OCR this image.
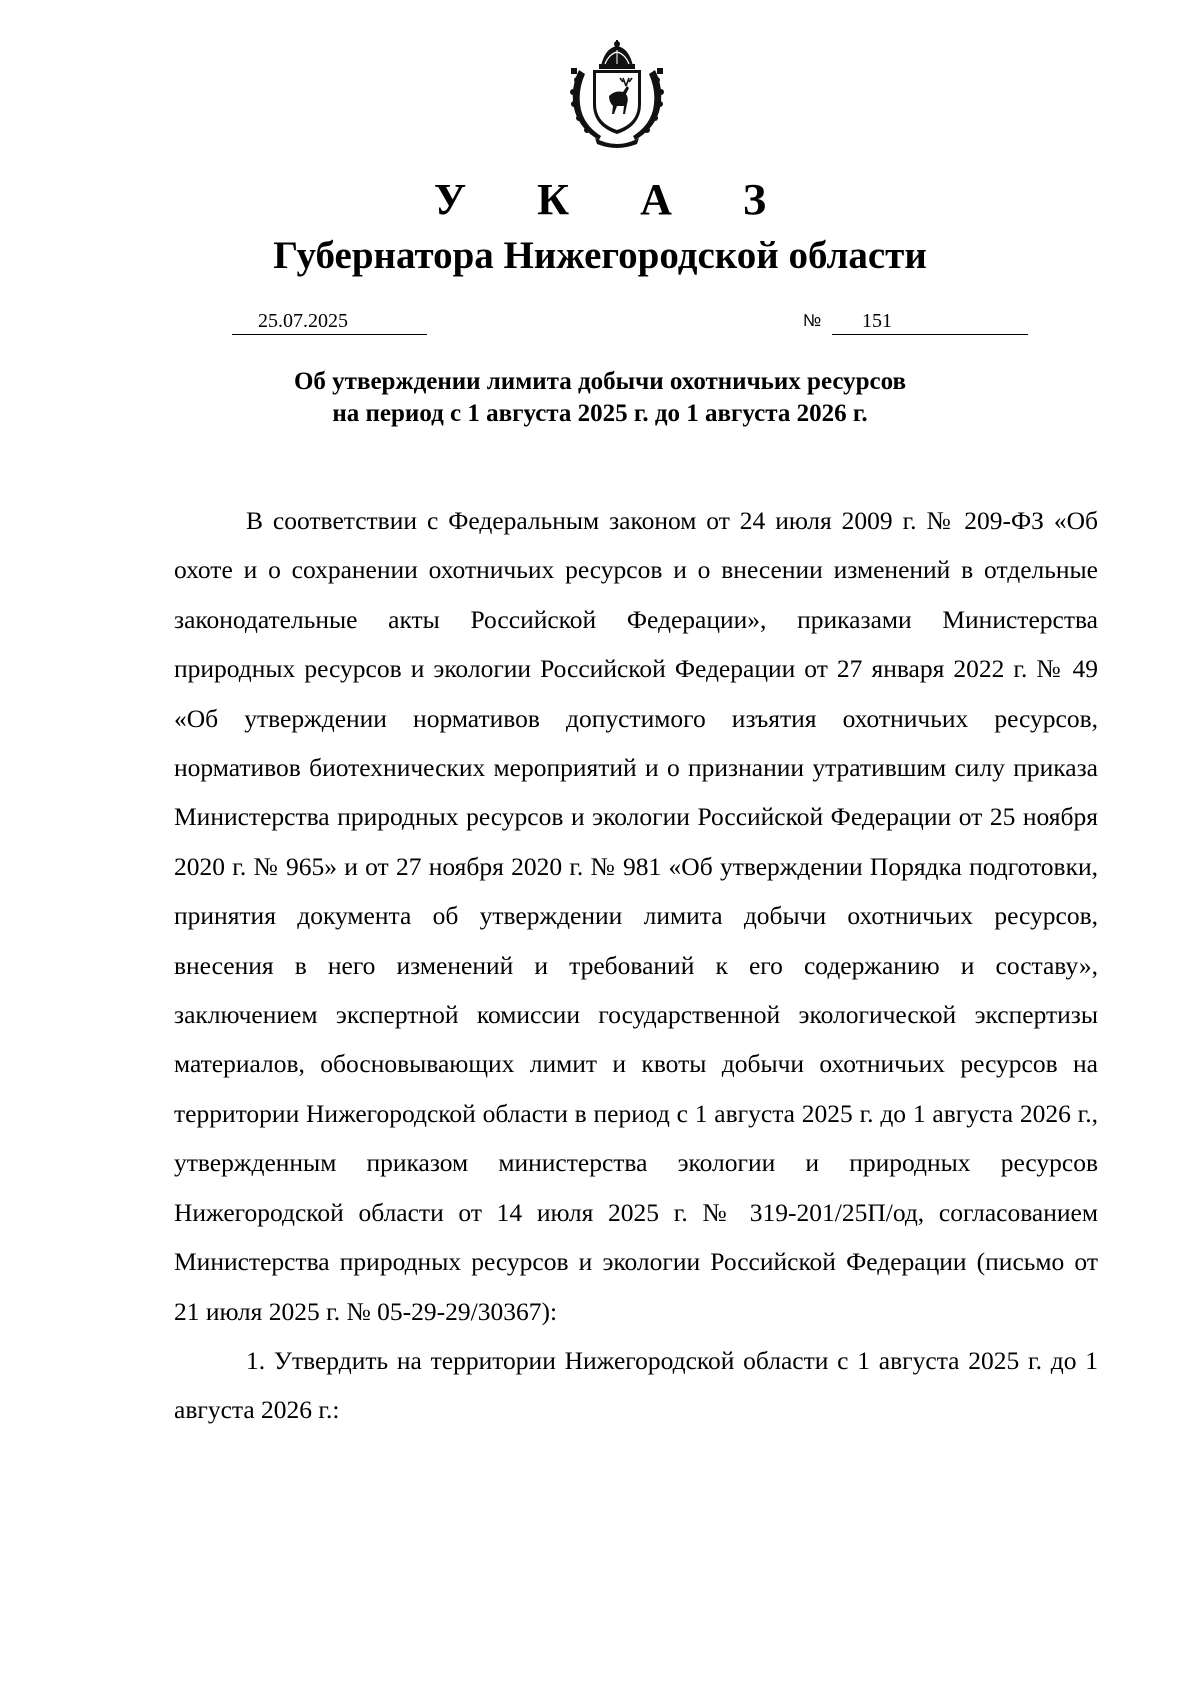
У К А З
Губернатора Нижегородской области
25.07.2025	№ 151
Об утверждении лимита добычи охотничьих ресурсов
на период с 1 августа 2025 г. до 1 августа 2026 г.

В соответствии с Федеральным законом от 24 июля 2009 г. № 209-ФЗ «Об охоте и о сохранении охотничьих ресурсов и о внесении изменений в отдельные законодательные акты Российской Федерации», приказами Министерства природных ресурсов и экологии Российской Федерации от 27 января 2022 г. № 49 «Об утверждении нормативов допустимого изъятия охотничьих ресурсов, нормативов биотехнических мероприятий и о признании утратившим силу приказа Министерства природных ресурсов и экологии Российской Федерации от 25 ноября 2020 г. № 965» и от 27 ноября 2020 г. № 981 «Об утверждении Порядка подготовки, принятия документа об утверждении лимита добычи охотничьих ресурсов, внесения в него изменений и требований к его содержанию и составу», заключением экспертной комиссии государственной экологической экспертизы материалов, обосновывающих лимит и квоты добычи охотничьих ресурсов на территории Нижегородской области в период с 1 августа 2025 г. до 1 августа 2026 г., утвержденным приказом министерства экологии и природных ресурсов Нижегородской области от 14 июля 2025 г. № 319-201/25П/од, согласованием Министерства природных ресурсов и экологии Российской Федерации (письмо от 21 июля 2025 г. № 05-29-29/30367):

1. Утвердить на территории Нижегородской области с 1 августа 2025 г. до 1 августа 2026 г.:
